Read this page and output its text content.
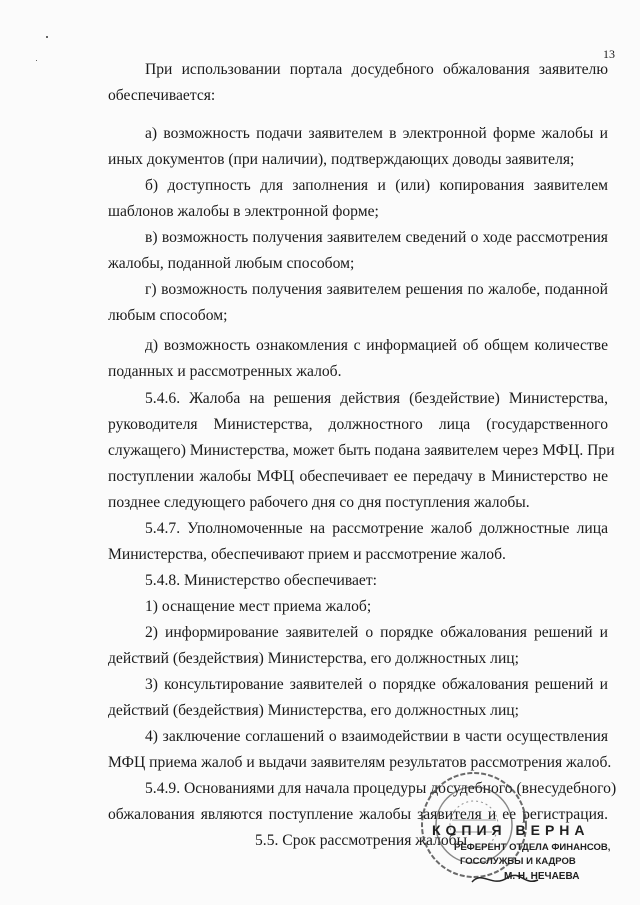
13
При использовании портала досудебного обжалования заявителю
обеспечивается:
а) возможность подачи заявителем в электронной форме жалобы и
иных документов (при наличии), подтверждающих доводы заявителя;
б) доступность для заполнения и (или) копирования заявителем
шаблонов жалобы в электронной форме;
в) возможность получения заявителем сведений о ходе рассмотрения
жалобы, поданной любым способом;
г) возможность получения заявителем решения по жалобе, поданной
любым способом;
д) возможность ознакомления с информацией об общем количестве
поданных и рассмотренных жалоб.
5.4.6. Жалоба на решения действия (бездействие) Министерства,
руководителя Министерства, должностного лица (государственного
служащего) Министерства, может быть подана заявителем через МФЦ. При
поступлении жалобы МФЦ обеспечивает ее передачу в Министерство не
позднее следующего рабочего дня со дня поступления жалобы.
5.4.7. Уполномоченные на рассмотрение жалоб должностные лица
Министерства, обеспечивают прием и рассмотрение жалоб.
5.4.8. Министерство обеспечивает:
1) оснащение мест приема жалоб;
2) информирование заявителей о порядке обжалования решений и
действий (бездействия) Министерства, его должностных лиц;
3) консультирование заявителей о порядке обжалования решений и
действий (бездействия) Министерства, его должностных лиц;
4) заключение соглашений о взаимодействии в части осуществления
МФЦ приема жалоб и выдачи заявителям результатов рассмотрения жалоб.
5.4.9. Основаниями для начала процедуры досудебного (внесудебного)
обжалования являются поступление жалобы заявителя и ее регистрация.
5.5. Срок рассмотрения жалобы
КОПИЯ ВЕРНА
РЕФЕРЕНТ ОТДЕЛА ФИНАНСОВ,
ГОССЛУЖБЫ И КАДРОВ
М. Н. НЕЧАЕВА
